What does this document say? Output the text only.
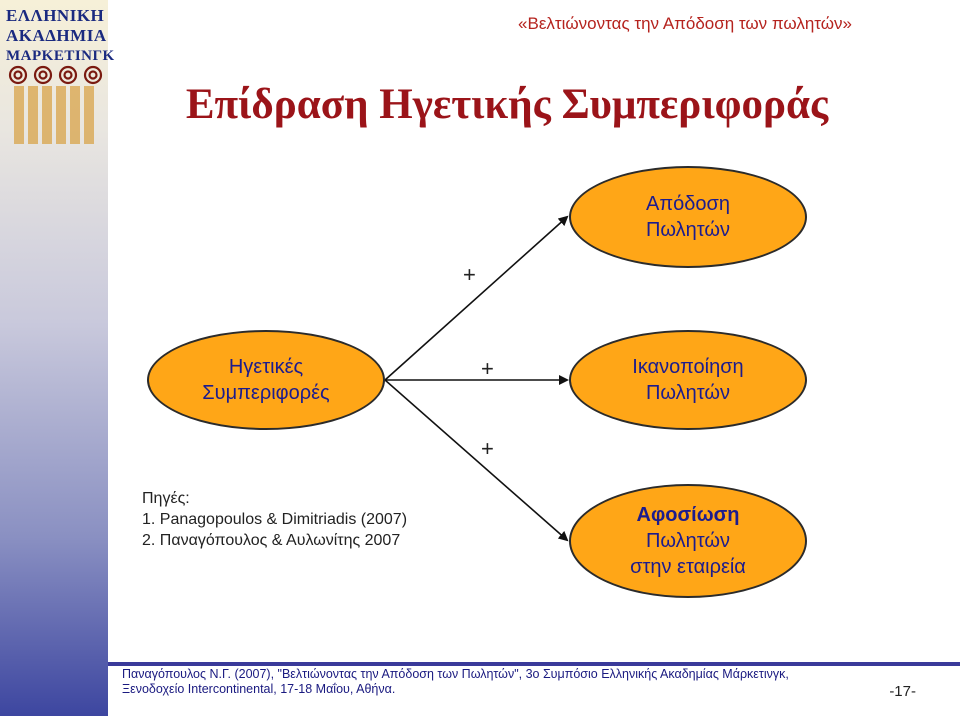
ΕΛΛΗΝΙΚΗ
ΑΚΑΔΗΜΙΑ
ΜΑΡΚΕΤΙΝΓΚ
«Βελτιώνοντας την Απόδοση των πωλητών»
Επίδραση Ηγετικής Συμπεριφοράς
Ηγετικές
Συμπεριφορές
Απόδοση
Πωλητών
Ικανοποίηση
Πωλητών
Αφοσίωση
Πωλητών
στην εταιρεία
+
+
+
Πηγές:
1. Panagopoulos & Dimitriadis (2007)
2. Παναγόπουλος & Αυλωνίτης 2007
Παναγόπουλος Ν.Γ. (2007), "Βελτιώνοντας την Απόδοση των Πωλητών", 3ο Συμπόσιο Ελληνικής Ακαδημίας Μάρκετινγκ, Ξενοδοχείο Intercontinental, 17-18 Μαΐου, Αθήνα.	-17-
